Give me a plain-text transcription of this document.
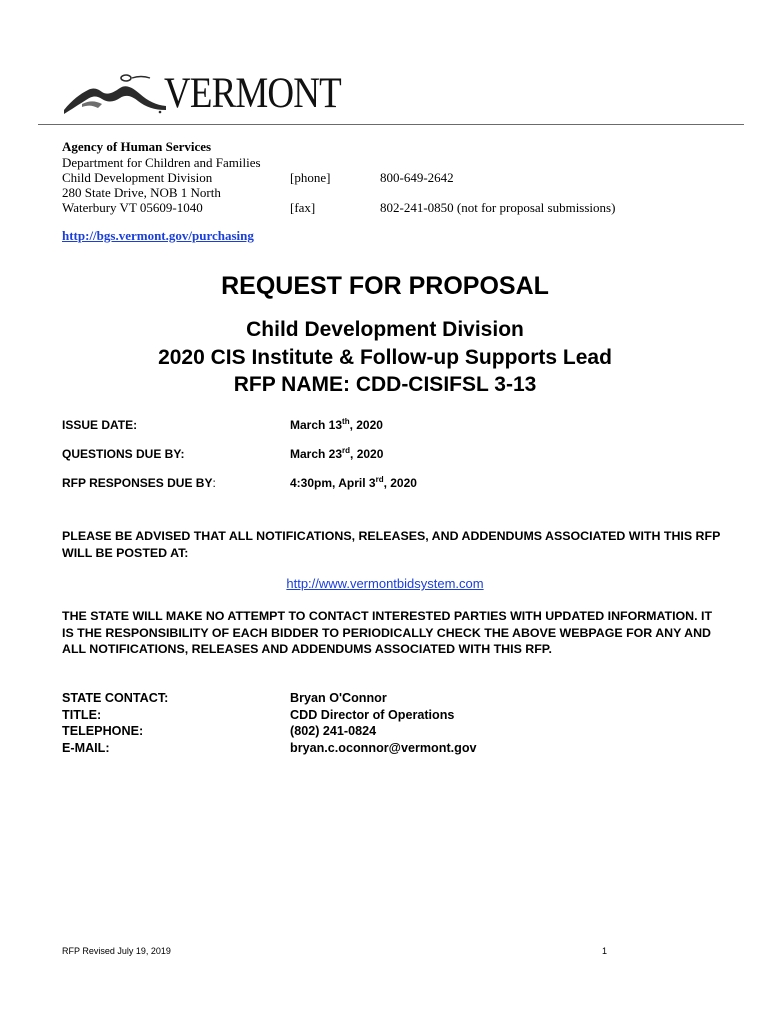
VERMONT
Agency of Human Services
Department for Children and Families
Child Development Division	[phone]	800-649-2642
280 State Drive, NOB 1 North
Waterbury VT 05609-1040	[fax]	802-241-0850 (not for proposal submissions)
http://bgs.vermont.gov/purchasing
REQUEST FOR PROPOSAL
Child Development Division
2020 CIS Institute & Follow-up Supports Lead
RFP NAME: CDD-CISIFSL 3-13
ISSUE DATE:	March 13th, 2020
QUESTIONS DUE BY:	March 23rd, 2020
RFP RESPONSES DUE BY:	4:30pm, April 3rd, 2020
PLEASE BE ADVISED THAT ALL NOTIFICATIONS, RELEASES, AND ADDENDUMS ASSOCIATED WITH THIS RFP WILL BE POSTED AT:
http://www.vermontbidsystem.com
THE STATE WILL MAKE NO ATTEMPT TO CONTACT INTERESTED PARTIES WITH UPDATED INFORMATION. IT IS THE RESPONSIBILITY OF EACH BIDDER TO PERIODICALLY CHECK THE ABOVE WEBPAGE FOR ANY AND ALL NOTIFICATIONS, RELEASES AND ADDENDUMS ASSOCIATED WITH THIS RFP.
STATE CONTACT:	Bryan O'Connor
TITLE:	CDD Director of Operations
TELEPHONE:	(802) 241-0824
E-MAIL:	bryan.c.oconnor@vermont.gov
RFP Revised July 19, 2019	1
